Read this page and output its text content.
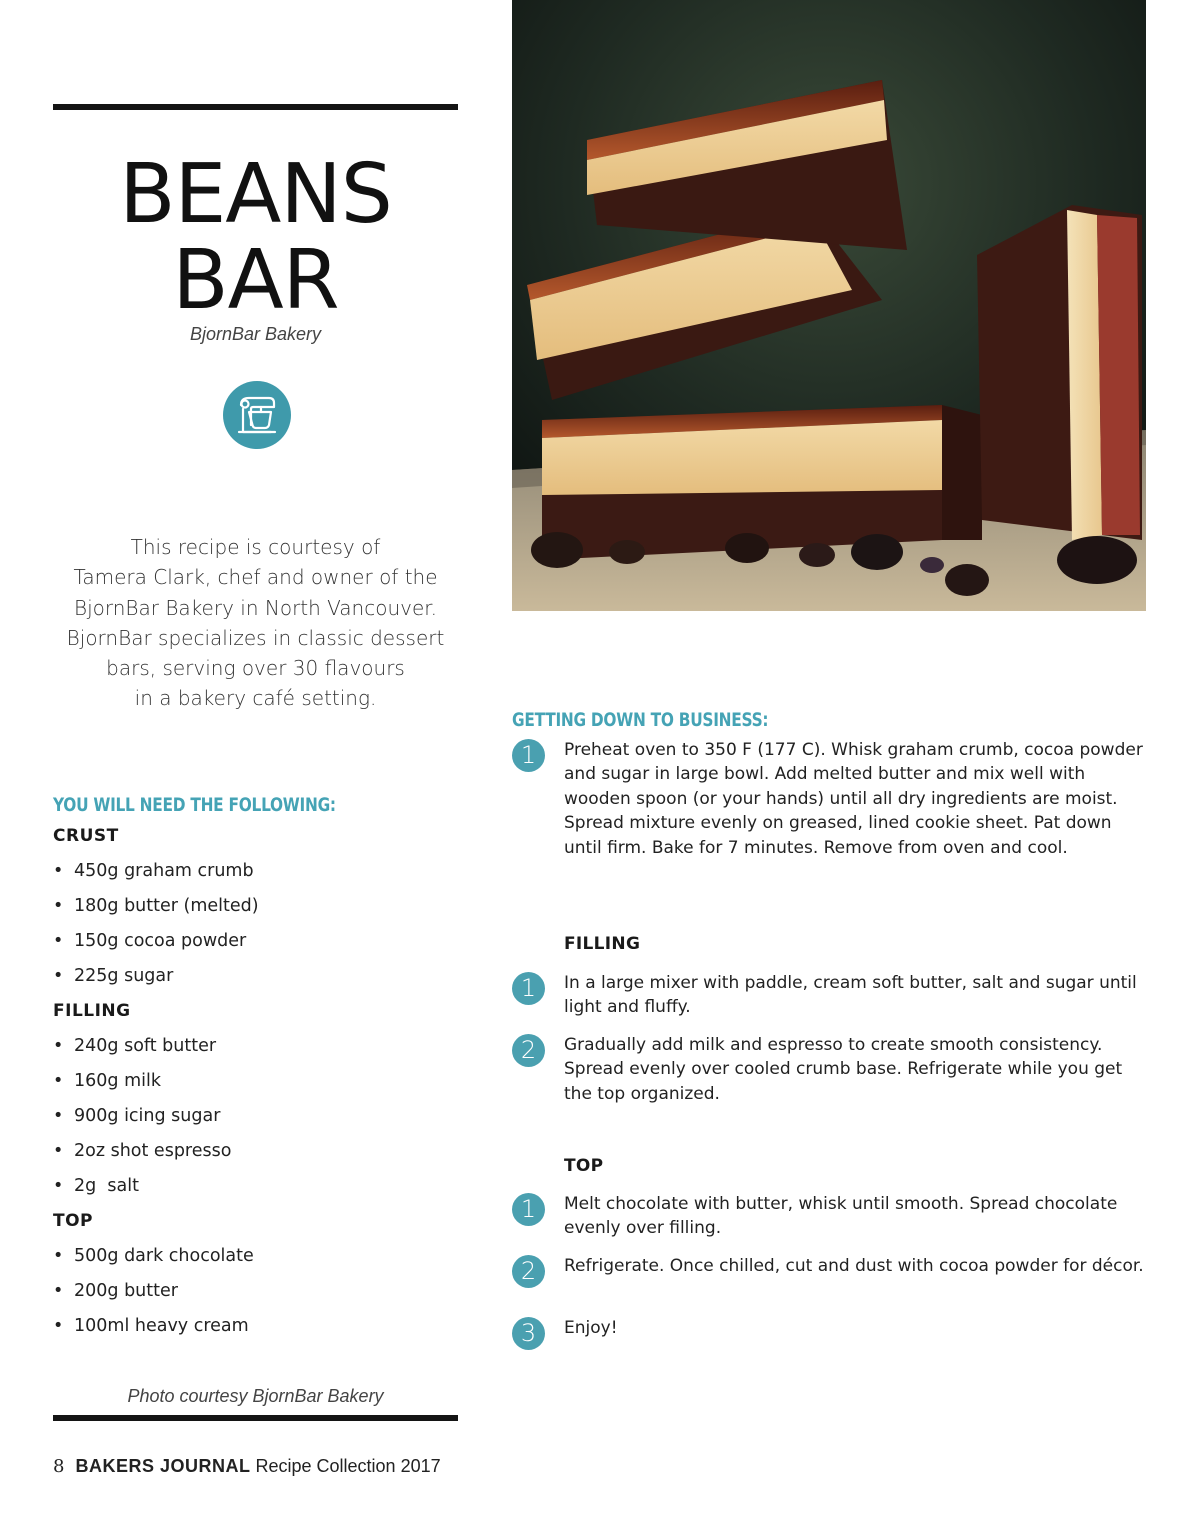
BEANS
BAR
BjornBar Bakery

This recipe is courtesy of

Tamera Clark, chef and owner of the

BjornBar Bakery in North Vancouver.

BjornBar specializes in classic dessert

bars, serving over 30 flavours

in a bakery café setting.

YOU WILL NEED THE FOLLOWING:
CRUST
• 450g graham crumb
• 180g butter (melted)
• 150g cocoa powder
• 225g sugar
FILLING
• 240g soft butter
• 160g milk
• 900g icing sugar
• 2oz shot espresso
• 2g  salt
TOP
• 500g dark chocolate
• 200g butter
• 100ml heavy cream
Photo courtesy BjornBar Bakery
8 BAKERS JOURNAL Recipe Collection 2017
GETTING DOWN TO BUSINESS:
1	Preheat oven to 350 F (177 C). Whisk graham crumb, cocoa powder and sugar in large bowl. Add melted butter and mix well with wooden spoon (or your hands) until all dry ingredients are moist. Spread mixture evenly on greased, lined cookie sheet. Pat down until firm. Bake for 7 minutes. Remove from oven and cool.
FILLING
1	In a large mixer with paddle, cream soft butter, salt and sugar until light and fluffy.
2	Gradually add milk and espresso to create smooth consistency. Spread evenly over cooled crumb base. Refrigerate while you get the top organized.
TOP
1	Melt chocolate with butter, whisk until smooth. Spread chocolate evenly over filling.
2	Refrigerate. Once chilled, cut and dust with cocoa powder for décor.
3	Enjoy!
